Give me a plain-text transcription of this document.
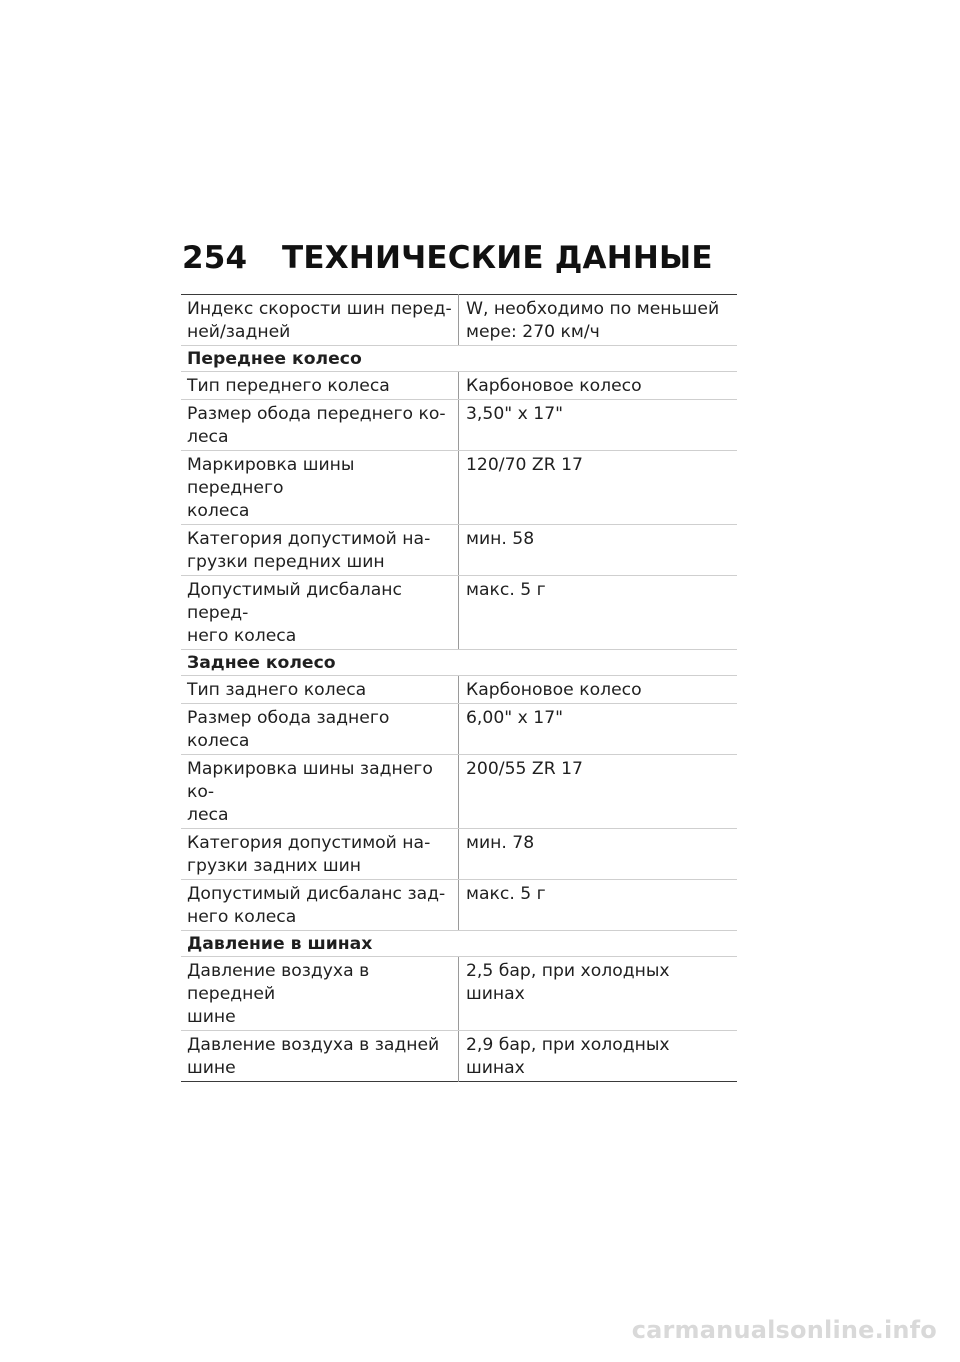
254	ТЕХНИЧЕСКИЕ ДАННЫЕ
Индекс скорости шин перед-
ней/задней	W, необходимо по меньшей
мере: 270 км/ч
Переднее колесо	
Тип переднего колеса	Карбоновое колесо
Размер обода переднего ко-
леса	3,50" x 17"
Маркировка шины переднего
колеса	120/70 ZR 17
Категория допустимой на-
грузки передних шин	мин. 58
Допустимый дисбаланс перед-
него колеса	макс. 5 г
Заднее колесо	
Тип заднего колеса	Карбоновое колесо
Размер обода заднего колеса	6,00" x 17"
Маркировка шины заднего ко-
леса	200/55 ZR 17
Категория допустимой на-
грузки задних шин	мин. 78
Допустимый дисбаланс зад-
него колеса	макс. 5 г
Давление в шинах	
Давление воздуха в передней
шине	2,5 бар, при холодных шинах
Давление воздуха в задней
шине	2,9 бар, при холодных шинах
carmanualsonline.info
